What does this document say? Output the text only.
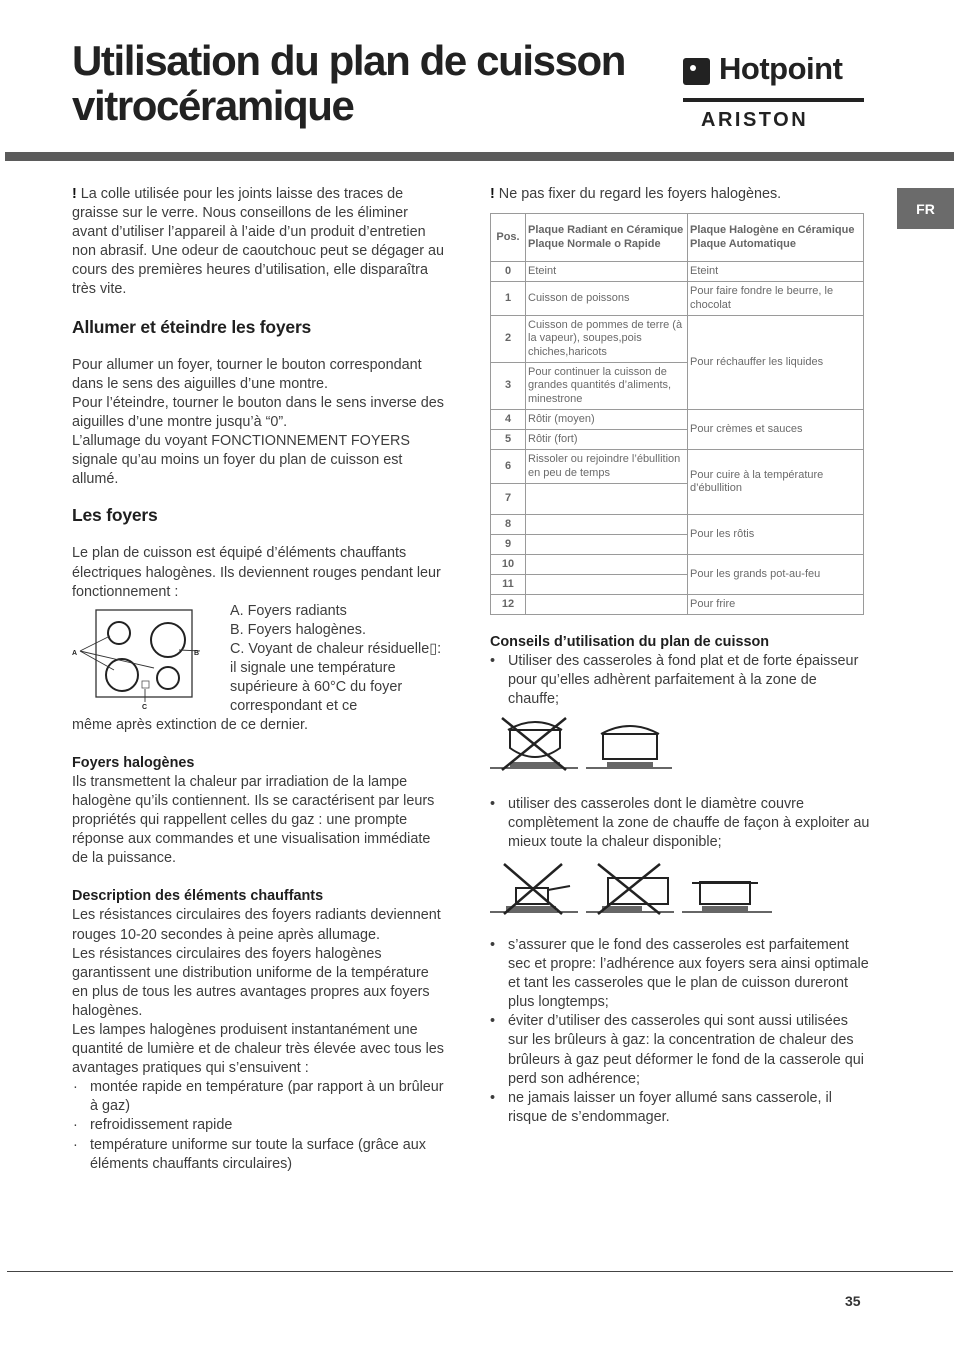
Utilisation du plan de cuisson
vitrocéramique
Hotpoint
ARISTON
FR

! La colle utilisée pour les joints laisse des traces de graisse sur le verre. Nous conseillons de les éliminer avant d’utiliser l’appareil à l’aide d’un produit d’entretien non abrasif. Une odeur de caoutchouc peut se dégager au cours des premières heures d’utilisation, elle disparaîtra très vite.

Allumer et éteindre les foyers

Pour allumer un foyer, tourner le bouton correspondant dans le sens des aiguilles d’une montre.

Pour l’éteindre, tourner le bouton dans le sens inverse des aiguilles d’une montre jusqu’à “0”.

L’allumage du voyant FONCTIONNEMENT FOYERS signale qu’au moins un foyer du plan de cuisson est allumé.

Les foyers

Le plan de cuisson est équipé d’éléments chauffants électriques halogènes. Ils deviennent rouges pendant leur fonctionnement :

A	B
C
A. Foyers radiants
B. Foyers halogènes.
C. Voyant de chaleur résiduelle▯: il signale une température supérieure à 60°C du foyer correspondant et ce

même après extinction de ce dernier.

Foyers halogènes

Ils transmettent la chaleur par irradiation de la lampe halogène qu’ils contiennent. Ils se caractérisent par leurs propriétés qui rappellent celles du gaz : une prompte réponse aux commandes et une visualisation immédiate de la puissance.

Description des éléments chauffants

Les résistances circulaires des foyers radiants deviennent rouges 10-20 secondes à peine après allumage.

Les résistances circulaires des foyers halogènes garantissent une distribution uniforme de la température en plus de tous les autres avantages propres aux foyers halogènes.

Les lampes halogènes produisent instantanément une quantité de lumière et de chaleur très élevée avec tous les avantages pratiques qui s’ensuivent :

· montée rapide en température (par rapport à un brûleur à gaz)
· refroidissement rapide
· température uniforme sur toute la surface (grâce aux éléments chauffants circulaires)

! Ne pas fixer du regard les foyers halogènes.

Pos.	Plaque Radiant en Céramique Plaque Normale o Rapide	Plaque Halogène en Céramique Plaque Automatique
0	Eteint	Eteint
1	Cuisson de poissons	Pour faire fondre le beurre, le chocolat
2	Cuisson de pommes de terre (à la vapeur), soupes,pois chiches,haricots	Pour réchauffer les liquides
3	Pour continuer la cuisson de grandes quantités d’aliments, minestrone	
4	Rôtir (moyen)	Pour crèmes et sauces
5	Rôtir (fort)	
6	Rissoler ou rejoindre l’ébullition en peu de temps	Pour cuire à la température d’ébullition
7		
8		Pour les rôtis
9		
10		Pour les grands pot-au-feu
11		
12		Pour frire
Conseils d’utilisation du plan de cuisson
• Utiliser des casseroles à fond plat et de forte épaisseur pour qu’elles adhèrent parfaitement à la zone de chauffe;
• utiliser des casseroles dont le diamètre couvre complètement la zone de chauffe de façon à exploiter au mieux toute la chaleur disponible;
• s’assurer que le fond des casseroles est parfaitement sec et propre: l’adhérence aux foyers sera ainsi optimale et tant les casseroles que le plan de cuisson dureront plus longtemps;
• éviter d’utiliser des casseroles qui sont aussi utilisées sur les brûleurs à gaz: la concentration de chaleur des brûleurs à gaz peut déformer le fond de la casserole qui perd son adhérence;
• ne jamais laisser un foyer allumé sans casserole, il risque de s’endommager.
35
